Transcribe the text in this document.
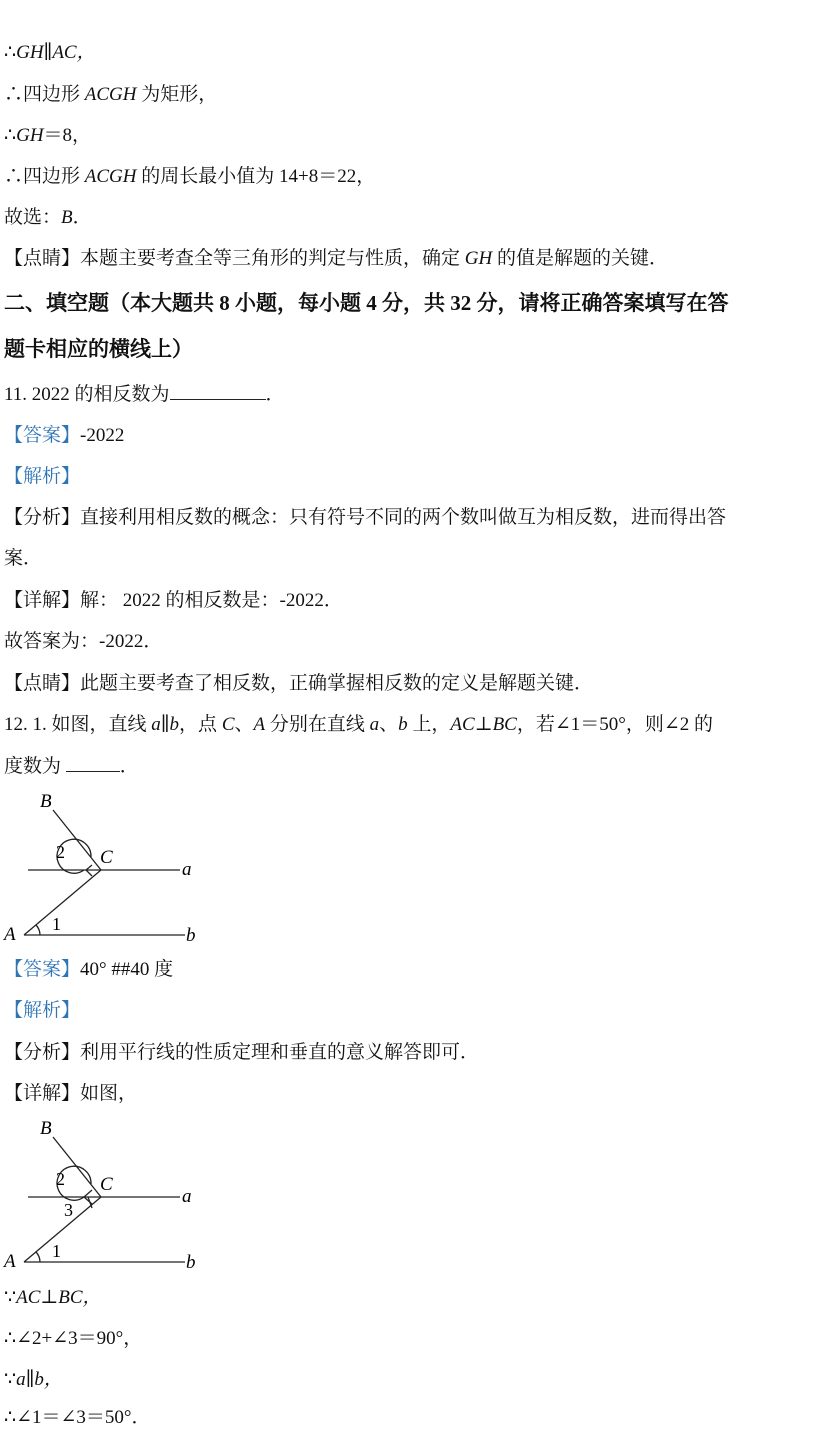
∴GH∥AC，
∴四边形 ACGH 为矩形，
∴GH＝8，
∴四边形 ACGH 的周长最小值为 14+8＝22，
故选：B．
【点睛】本题主要考查全等三角形的判定与性质，确定 GH 的值是解题的关键．
二、填空题（本大题共 8 小题，每小题 4 分，共 32 分，请将正确答案填写在答
题卡相应的横线上）
11. 2022 的相反数为	．
【答案】-2022
【解析】
【分析】直接利用相反数的概念：只有符号不同的两个数叫做互为相反数，进而得出答
案．
【详解】解： 2022 的相反数是：-2022．
故答案为：-2022．
【点睛】此题主要考查了相反数，正确掌握相反数的定义是解题关键．
12. 1. 如图，直线 a∥b，点 C、A 分别在直线 a、b 上，AC⊥BC，若∠1＝50°，则∠2 的
度数为	．
B
C
A
a
b
1
2
【答案】40° ##40 度
【解析】
【分析】利用平行线的性质定理和垂直的意义解答即可．
【详解】如图，
B
C
A
a
b
1
2
3
∵AC⊥BC，
∴∠2+∠3＝90°，
∵a∥b，
∴∠1＝∠3＝50°．
